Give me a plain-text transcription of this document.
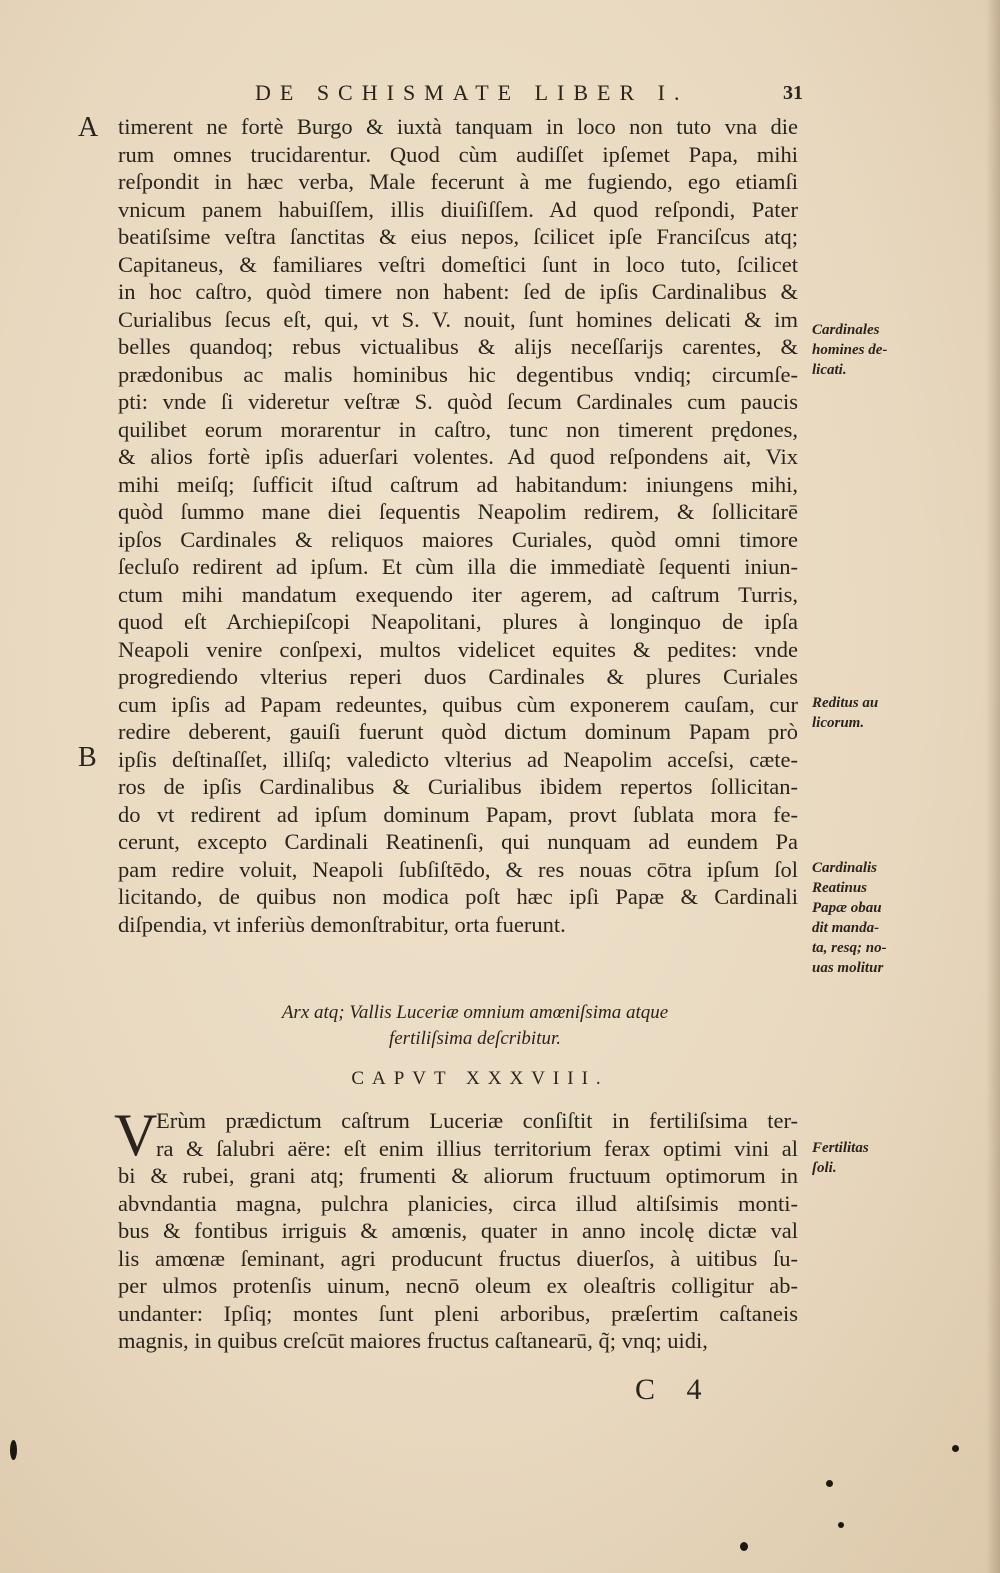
DE SCHISMATE LIBER I.	31
A
B
timerent ne fortè Burgo & iuxtà tanquam in loco non tuto vna die
rum omnes trucidarentur. Quod cùm audiſſet ipſemet Papa, mihi
reſpondit in hæc verba, Male fecerunt à me fugiendo, ego etiamſi
vnicum panem habuiſſem, illis diuiſiſſem. Ad quod reſpondi, Pater
beatiſsime veſtra ſanctitas & eius nepos, ſcilicet ipſe Franciſcus atq;
Capitaneus, & familiares veſtri domeſtici ſunt in loco tuto, ſcilicet
in hoc caſtro, quòd timere non habent: ſed de ipſis Cardinalibus &
Curialibus ſecus eſt, qui, vt S. V. nouit, ſunt homines delicati & im
belles quandoq; rebus victualibus & alijs neceſſarijs carentes, &
prædonibus ac malis hominibus hic degentibus vndiq; circumſe-
pti: vnde ſi videretur veſtræ S. quòd ſecum Cardinales cum paucis
quilibet eorum morarentur in caſtro, tunc non timerent prędones,
& alios fortè ipſis aduerſari volentes. Ad quod reſpondens ait, Vix
mihi meiſq; ſufficit iſtud caſtrum ad habitandum: iniungens mihi,
quòd ſummo mane diei ſequentis Neapolim redirem, & ſollicitarē
ipſos Cardinales & reliquos maiores Curiales, quòd omni timore
ſecluſo redirent ad ipſum. Et cùm illa die immediatè ſequenti iniun-
ctum mihi mandatum exequendo iter agerem, ad caſtrum Turris,
quod eſt Archiepiſcopi Neapolitani, plures à longinquo de ipſa
Neapoli venire conſpexi, multos videlicet equites & pedites: vnde
progrediendo vlterius reperi duos Cardinales & plures Curiales
cum ipſis ad Papam redeuntes, quibus cùm exponerem cauſam, cur
redire deberent, gauiſi fuerunt quòd dictum dominum Papam prò
ipſis deſtinaſſet, illiſq; valedicto vlterius ad Neapolim acceſsi, cæte-
ros de ipſis Cardinalibus & Curialibus ibidem repertos ſollicitan-
do vt redirent ad ipſum dominum Papam, provt ſublata mora fe-
cerunt, excepto Cardinali Reatinenſi, qui nunquam ad eundem Pa
pam redire voluit, Neapoli ſubſiſtēdo, & res nouas cōtra ipſum ſol
licitando, de quibus non modica poſt hæc ipſi Papæ & Cardinali
diſpendia, vt inferiùs demonſtrabitur, orta fuerunt.
Cardinales
homines de-
licati.
Reditus au
licorum.
Cardinalis
Reatinus
Papæ obau
dit manda-
ta, resq; no-
uas molitur
Fertilitas
ſoli.
Arx atq; Vallis Luceriæ omnium amœniſsima atque
fertiliſsima deſcribitur.
CAPVT XXXVIII.
V
Erùm prædictum caſtrum Luceriæ conſiſtit in fertiliſsima ter-
ra & ſalubri aëre: eſt enim illius territorium ferax optimi vini al
bi & rubei, grani atq; frumenti & aliorum fructuum optimorum in
abvndantia magna, pulchra planicies, circa illud altiſsimis monti-
bus & fontibus irriguis & amœnis, quater in anno incolę dictæ val
lis amœnæ ſeminant, agri producunt fructus diuerſos, à uitibus ſu-
per ulmos protenſis uinum, necnō oleum ex oleaſtris colligitur ab-
undanter: Ipſiq; montes ſunt pleni arboribus, præſertim caſtaneis
magnis, in quibus creſcūt maiores fructus caſtanearū, q̃; vnq; uidi,
C 4
